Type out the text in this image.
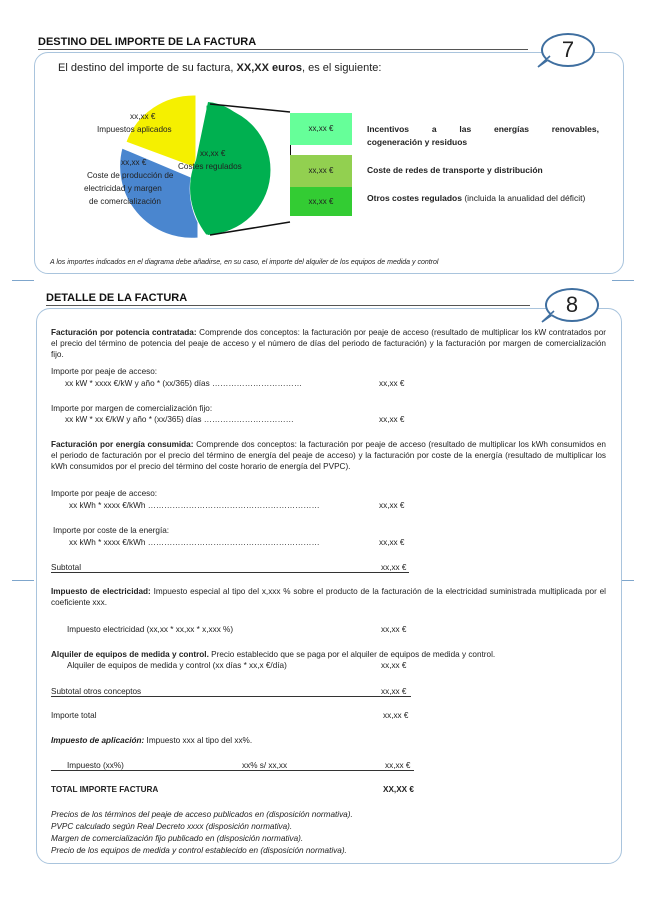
DESTINO DEL IMPORTE DE LA FACTURA	7
El destino del importe de su factura, XX,XX euros, es el siguiente:
xx,xx €
Impuestos aplicados
xx,xx €
Coste de producción de
electricidad y margen
de comercialización
xx,xx €
Costes regulados
xx,xx €
xx,xx €
xx,xx €
Incentivos a las energías renovables,
cogeneración y residuos
Coste de redes de transporte y distribución
Otros costes regulados (incluida la anualidad del déficit)
A los importes indicados en el diagrama debe añadirse, en su caso, el importe del alquiler de los equipos de medida y control
DETALLE DE LA FACTURA	8
Facturación por potencia contratada: Comprende dos conceptos: la facturación por peaje de acceso (resultado de multiplicar los kW contratados por el precio del término de potencia del peaje de acceso y el número de días del periodo de facturación) y la facturación por margen de comercialización fijo.
Importe por peaje de acceso:
xx kW * xxxx €/kW y año * (xx/365) días ……………………………	xx,xx €
Importe por margen de comercialización fijo:
xx kW * xx €/kW y año * (xx/365) días ……………………………	xx,xx €
Facturación por energía consumida: Comprende dos conceptos: la facturación por peaje de acceso (resultado de multiplicar los kWh consumidos en el periodo de facturación por el precio del término de energía del peaje de acceso) y la facturación por coste de la energía (resultado de multiplicar los kWh consumidos por el precio del término del coste horario de energía del PVPC).
Importe por peaje de acceso:
xx kWh * xxxx €/kWh ………………………………………………………	xx,xx €
Importe por coste de la energía:
xx kWh * xxxx €/kWh ………………………………………………………	xx,xx €
Subtotal	xx,xx €
Impuesto de electricidad: Impuesto especial al tipo del x,xxx % sobre el producto de la facturación de la electricidad suministrada multiplicada por el coeficiente xxx.
Impuesto electricidad (xx,xx * xx,xx * x,xxx %)	xx,xx €
Alquiler de equipos de medida y control. Precio establecido que se paga por el alquiler de equipos de medida y control.
Alquiler de equipos de medida y control (xx días * xx,x €/día)	xx,xx €
Subtotal otros conceptos	xx,xx €
Importe total	xx,xx €
Impuesto de aplicación: Impuesto xxx al tipo del xx%.
Impuesto (xx%)	xx% s/ xx,xx	xx,xx €
TOTAL IMPORTE FACTURA	XX,XX €
Precios de los términos del peaje de acceso publicados en (disposición normativa).
PVPC calculado según Real Decreto xxxx (disposición normativa).
Margen de comercialización fijo publicado en (disposición normativa).
Precio de los equipos de medida y control establecido en (disposición normativa).
